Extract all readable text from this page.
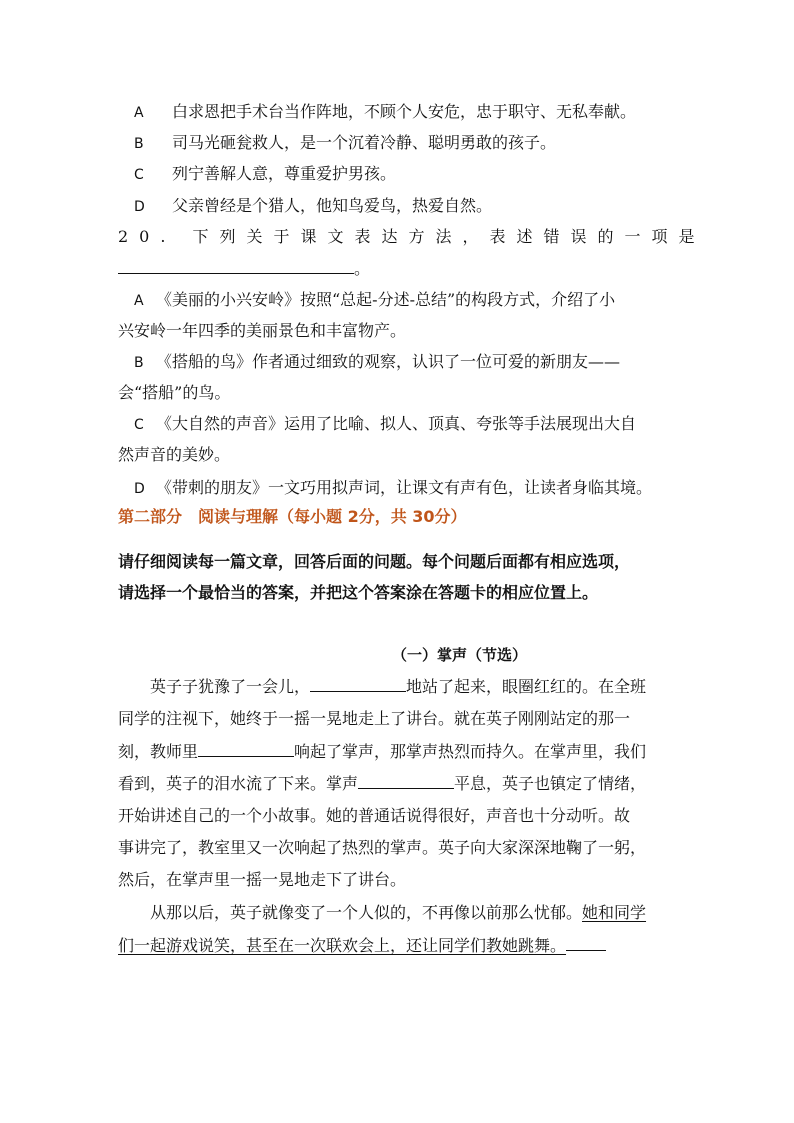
A 白求恩把手术台当作阵地，不顾个人安危，忠于职守、无私奉献。
B 司马光砸瓮救人，是一个沉着冷静、聪明勇敢的孩子。
C 列宁善解人意，尊重爱护男孩。
D 父亲曾经是个猎人，他知鸟爱鸟，热爱自然。
20. 下列关于课文表达方法，表述错误的一项是
。
A 《美丽的小兴安岭》按照“总起-分述-总结”的构段方式，介绍了小
兴安岭一年四季的美丽景色和丰富物产。
B 《搭船的鸟》作者通过细致的观察，认识了一位可爱的新朋友——
会“搭船”的鸟。
C 《大自然的声音》运用了比喻、拟人、顶真、夸张等手法展现出大自
然声音的美妙。
D 《带刺的朋友》一文巧用拟声词，让课文有声有色，让读者身临其境。
第二部分　阅读与理解（每小题 2分，共 30分）
请仔细阅读每一篇文章，回答后面的问题。每个问题后面都有相应选项，
请选择一个最恰当的答案，并把这个答案涂在答题卡的相应位置上。
（一）掌声（节选）
英子子犹豫了一会儿，	地站了起来，眼圈红红的。在全班
同学的注视下，她终于一摇一晃地走上了讲台。就在英子刚刚站定的那一
刻，教师里	响起了掌声，那掌声热烈而持久。在掌声里，我们
看到，英子的泪水流了下来。掌声	平息，英子也镇定了情绪，
开始讲述自己的一个小故事。她的普通话说得很好，声音也十分动听。故
事讲完了，教室里又一次响起了热烈的掌声。英子向大家深深地鞠了一躬，
然后，在掌声里一摇一晃地走下了讲台。
从那以后，英子就像变了一个人似的，不再像以前那么忧郁。她和同学
们一起游戏说笑，甚至在一次联欢会上，还让同学们教她跳舞。
